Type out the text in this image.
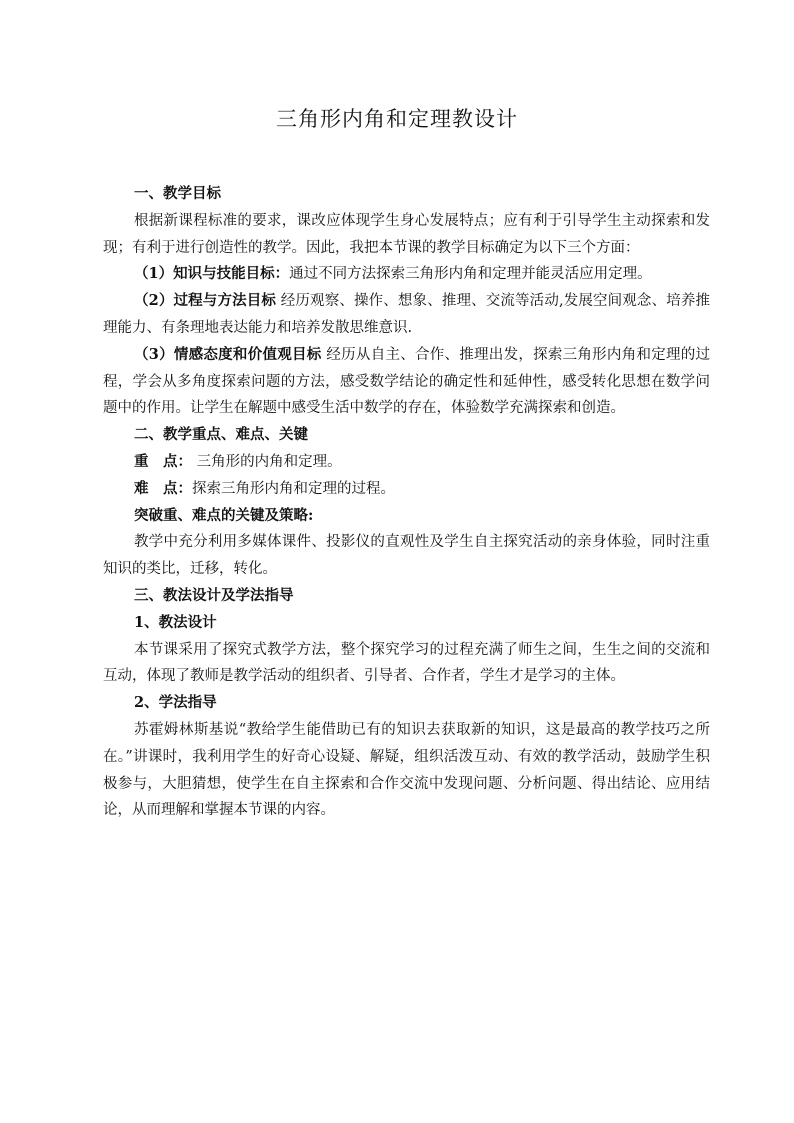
三角形内角和定理教设计

一、教学目标

根据新课程标准的要求，课改应体现学生身心发展特点；应有利于引导学生主动探索和发现；有利于进行创造性的教学。因此，我把本节课的教学目标确定为以下三个方面：

（1）知识与技能目标：通过不同方法探索三角形内角和定理并能灵活应用定理。

（2）过程与方法目标 经历观察、操作、想象、推理、交流等活动,发展空间观念、培养推理能力、有条理地表达能力和培养发散思维意识.

（3）情感态度和价值观目标 经历从自主、合作、推理出发，探索三角形内角和定理的过程，学会从多角度探索问题的方法，感受数学结论的确定性和延伸性，感受转化思想在数学问题中的作用。让学生在解题中感受生活中数学的存在，体验数学充满探索和创造。

二、教学重点、难点、关键

重　点： 三角形的内角和定理。

难　点：探索三角形内角和定理的过程。

突破重、难点的关键及策略:

教学中充分利用多媒体课件、投影仪的直观性及学生自主探究活动的亲身体验，同时注重知识的类比，迁移，转化。

三、教法设计及学法指导

1、教法设计

本节课采用了探究式教学方法，整个探究学习的过程充满了师生之间，生生之间的交流和互动，体现了教师是教学活动的组织者、引导者、合作者，学生才是学习的主体。

2、学法指导

苏霍姆林斯基说“教给学生能借助已有的知识去获取新的知识，这是最高的教学技巧之所在。”讲课时，我利用学生的好奇心设疑、解疑，组织活泼互动、有效的教学活动，鼓励学生积极参与，大胆猜想，使学生在自主探索和合作交流中发现问题、分析问题、得出结论、应用结论，从而理解和掌握本节课的内容。
